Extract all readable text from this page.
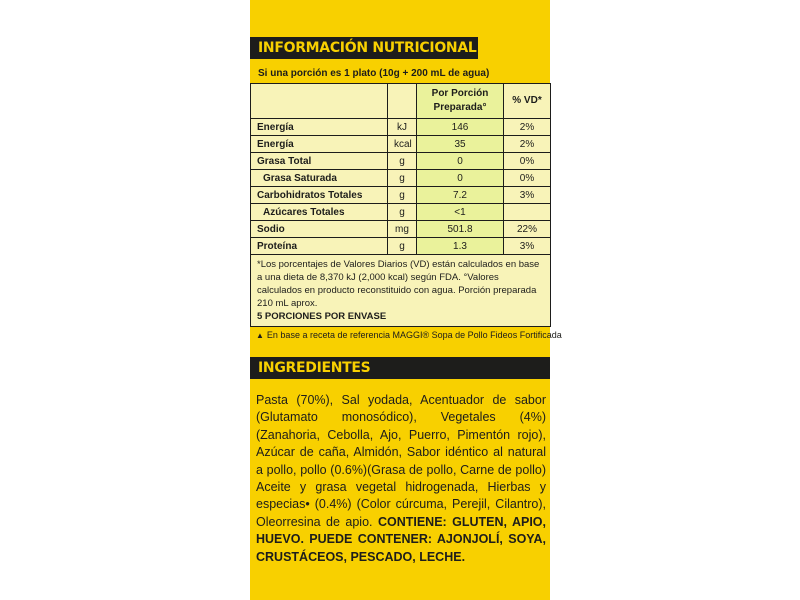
INFORMACIÓN NUTRICIONAL
Si una porción es 1 plato (10g + 200 mL de agua)
		Por Porción Preparada°	% VD*
Energía	kJ	146	2%
Energía	kcal	35	2%
Grasa Total	g	0	0%
Grasa Saturada	g	0	0%
Carbohidratos Totales	g	7.2	3%
Azúcares Totales	g	<1	
Sodio	mg	501.8	22%
Proteína	g	1.3	3%
*Los porcentajes de Valores Diarios (VD) están calculados en base a una dieta de 8,370 kJ (2,000 kcal) según FDA. °Valores calculados en producto reconstituido con agua. Porción preparada 210 mL aprox.
5 PORCIONES POR ENVASE			
▲ En base a receta de referencia MAGGI® Sopa de Pollo Fideos Fortificada
INGREDIENTES
Pasta (70%), Sal yodada, Acentuador de sabor (Glutamato monosódico), Vegetales (4%) (Zanahoria, Cebolla, Ajo, Puerro, Pimentón rojo), Azúcar de caña, Almidón, Sabor idéntico al natural a pollo, pollo (0.6%)(Grasa de pollo, Carne de pollo) Aceite y grasa vegetal hidrogenada, Hierbas y especias• (0.4%) (Color cúrcuma, Perejil, Cilantro), Oleorresina de apio. CONTIENE: GLUTEN, APIO, HUEVO. PUEDE CONTENER: AJONJOLÍ, SOYA, CRUSTÁCEOS, PESCADO, LECHE.
